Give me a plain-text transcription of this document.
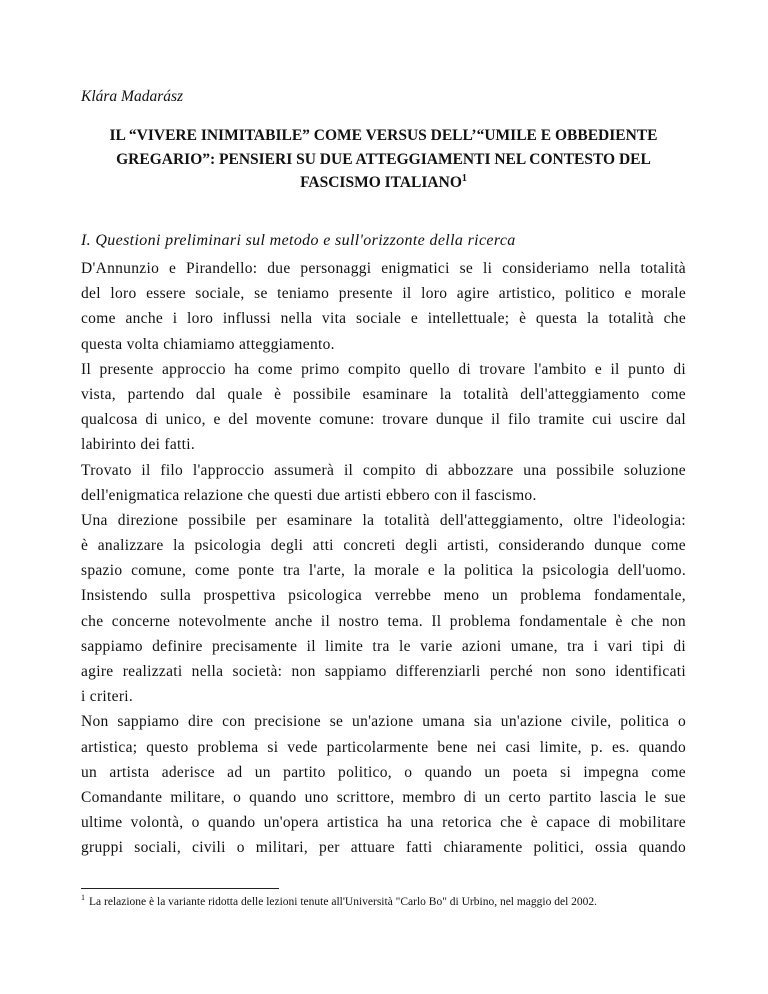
Klára Madarász
IL “VIVERE INIMITABILE” COME VERSUS DELL’“UMILE E OBBEDIENTE
GREGARIO”: PENSIERI SU DUE ATTEGGIAMENTI NEL CONTESTO DEL
FASCISMO ITALIANO$^1$
I. Questioni preliminari sul metodo e sull'orizzonte della ricerca
D'Annunzio e Pirandello: due personaggi enigmatici se li consideriamo nella totalità
del loro essere sociale, se teniamo presente il loro agire artistico, politico e morale
come anche i loro influssi nella vita sociale e intellettuale; è questa la totalità che
questa volta chiamiamo atteggiamento.
Il presente approccio ha come primo compito quello di trovare l'ambito e il punto di
vista, partendo dal quale è possibile esaminare la totalità dell'atteggiamento come
qualcosa di unico, e del movente comune: trovare dunque il filo tramite cui uscire dal
labirinto dei fatti.
Trovato il filo l'approccio assumerà il compito di abbozzare una possibile soluzione
dell'enigmatica relazione che questi due artisti ebbero con il fascismo.
Una direzione possibile per esaminare la totalità dell'atteggiamento, oltre l'ideologia:
è analizzare la psicologia degli atti concreti degli artisti, considerando dunque come
spazio comune, come ponte tra l'arte, la morale e la politica la psicologia dell'uomo.
Insistendo sulla prospettiva psicologica verrebbe meno un problema fondamentale,
che concerne notevolmente anche il nostro tema. Il problema fondamentale è che non
sappiamo definire precisamente il limite tra le varie azioni umane, tra i vari tipi di
agire realizzati nella società: non sappiamo differenziarli perché non sono identificati
i criteri.
Non sappiamo dire con precisione se un'azione umana sia un'azione civile, politica o
artistica; questo problema si vede particolarmente bene nei casi limite, p. es. quando
un artista aderisce ad un partito politico, o quando un poeta si impegna come
Comandante militare, o quando uno scrittore, membro di un certo partito lascia le sue
ultime volontà, o quando un'opera artistica ha una retorica che è capace di mobilitare
gruppi sociali, civili o militari, per attuare fatti chiaramente politici, ossia quando
$^1$ La relazione è la variante ridotta delle lezioni tenute all'Università "Carlo Bo" di Urbino, nel maggio del 2002.
